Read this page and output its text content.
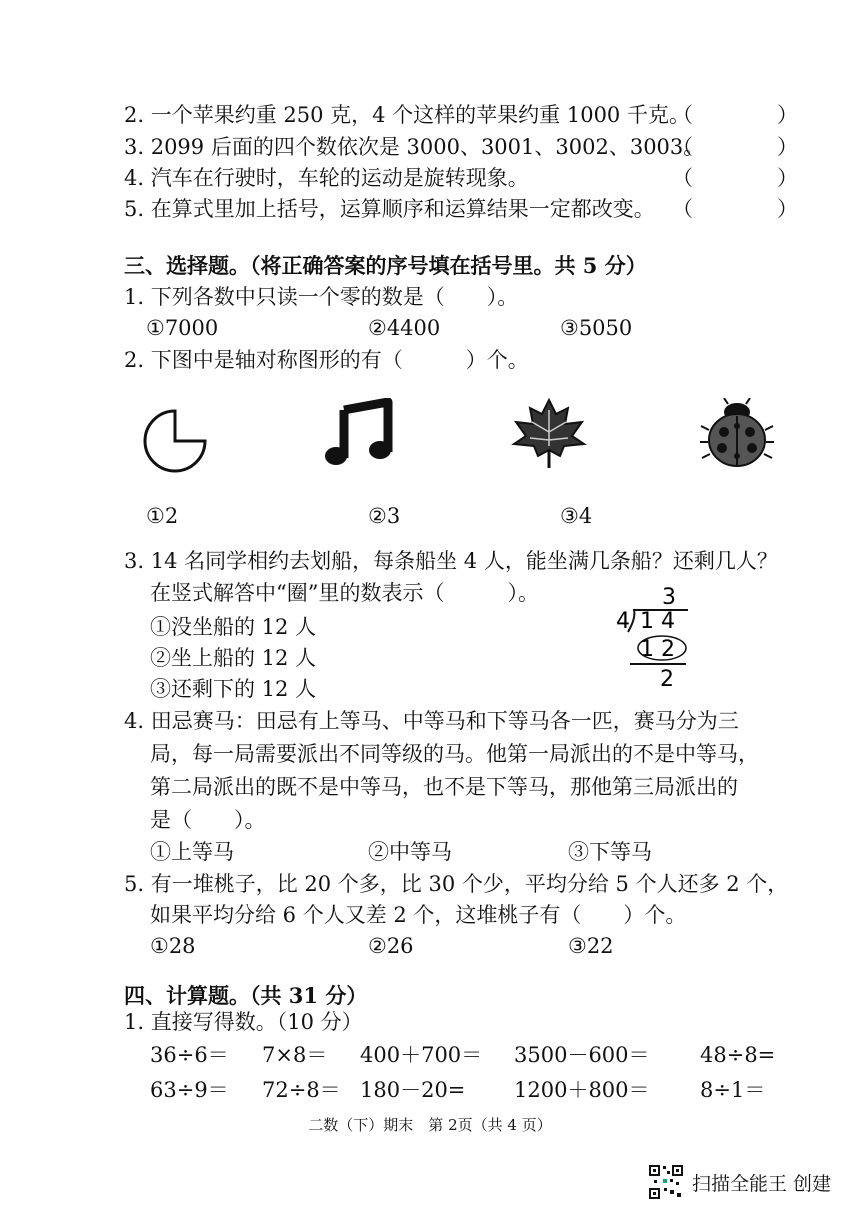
2. 一个苹果约重 250 克，4 个这样的苹果约重 1000 千克。
（　　　　）
3. 2099 后面的四个数依次是 3000、3001、3002、3003。
（　　　　）
4. 汽车在行驶时，车轮的运动是旋转现象。	（　　　　）
5. 在算式里加上括号，运算顺序和运算结果一定都改变。 （　　　　）
三、选择题。（将正确答案的序号填在括号里。共 5 分）
1. 下列各数中只读一个零的数是（　　）。
①7000	②4400	③5050
2. 下图中是轴对称图形的有（　　　）个。
①2	②3	③4
3. 14 名同学相约去划船，每条船坐 4 人，能坐满几条船？还剩几人？
在竖式解答中“圈”里的数表示（　　　）。
①没坐船的 12 人
②坐上船的 12 人
③还剩下的 12 人
3
4 1 4
1 2
2
4. 田忌赛马：田忌有上等马、中等马和下等马各一匹，赛马分为三
局，每一局需要派出不同等级的马。他第一局派出的不是中等马，
第二局派出的既不是中等马，也不是下等马，那他第三局派出的
是（　　）。
①上等马	②中等马	③下等马
5. 有一堆桃子，比 20 个多，比 30 个少，平均分给 5 个人还多 2 个，
如果平均分给 6 个人又差 2 个，这堆桃子有（　　）个。
①28	②26	③22
四、计算题。（共 31 分）
1. 直接写得数。（10 分）
36÷6＝ 7×8＝ 400＋700＝ 3500－600＝ 48÷8=
63÷9＝ 72÷8＝ 180－20= 1200＋800＝ 8÷1＝
二数（下）期末　第 2页（共 4 页）
扫描全能王 创建
